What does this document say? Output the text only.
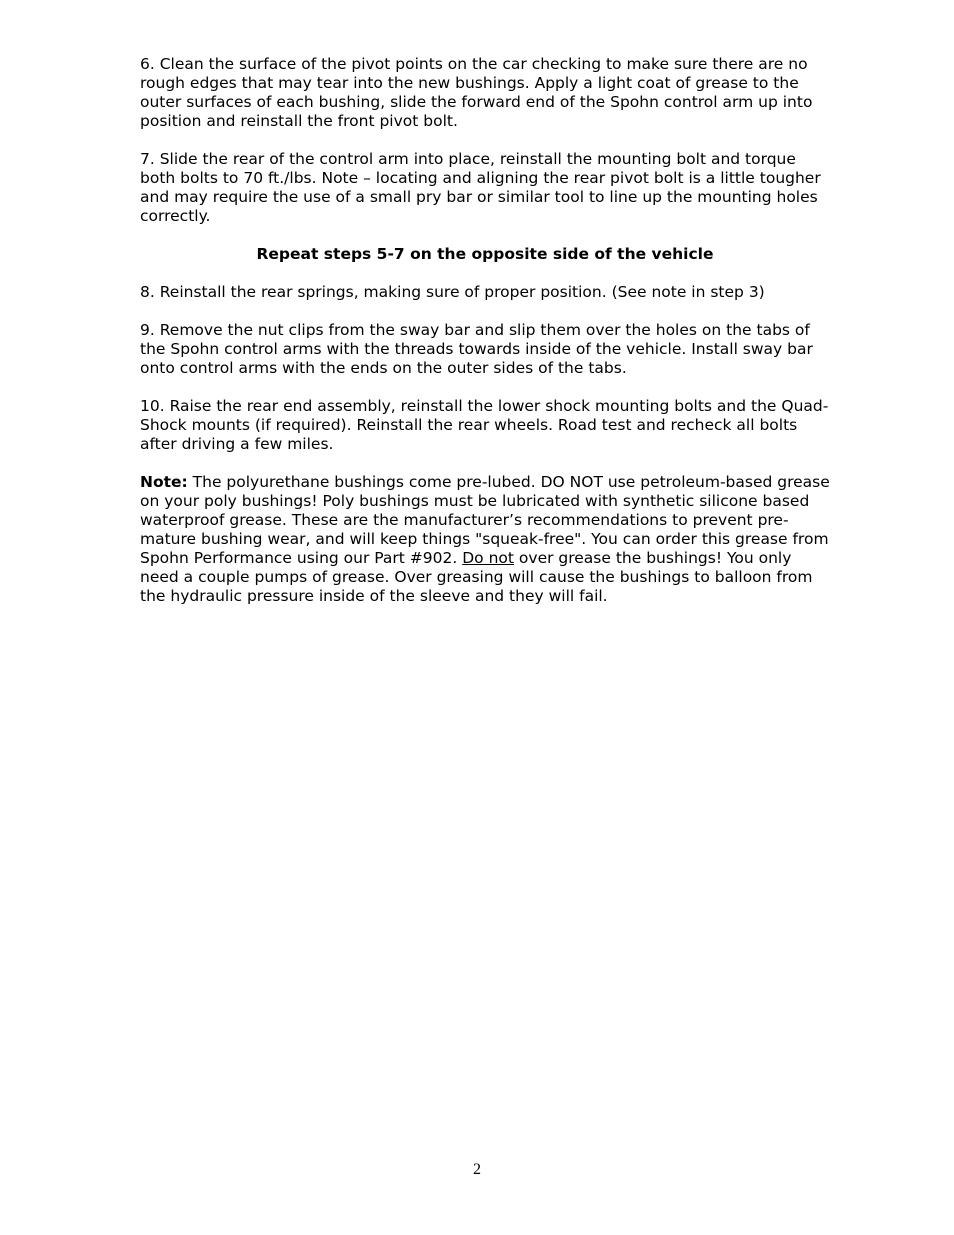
6. Clean the surface of the pivot points on the car checking to make sure there are no rough edges that may tear into the new bushings. Apply a light coat of grease to the outer surfaces of each bushing, slide the forward end of the Spohn control arm up into position and reinstall the front pivot bolt.

7. Slide the rear of the control arm into place, reinstall the mounting bolt and torque both bolts to 70 ft./lbs. Note – locating and aligning the rear pivot bolt is a little tougher and may require the use of a small pry bar or similar tool to line up the mounting holes correctly.

Repeat steps 5-7 on the opposite side of the vehicle

8. Reinstall the rear springs, making sure of proper position. (See note in step 3)

9. Remove the nut clips from the sway bar and slip them over the holes on the tabs of the Spohn control arms with the threads towards inside of the vehicle. Install sway bar onto control arms with the ends on the outer sides of the tabs.

10. Raise the rear end assembly, reinstall the lower shock mounting bolts and the Quad-Shock mounts (if required). Reinstall the rear wheels. Road test and recheck all bolts after driving a few miles.

Note: The polyurethane bushings come pre-lubed. DO NOT use petroleum-based grease on your poly bushings! Poly bushings must be lubricated with synthetic silicone based waterproof grease. These are the manufacturer’s recommendations to prevent pre-mature bushing wear, and will keep things "squeak-free". You can order this grease from Spohn Performance using our Part #902. Do not over grease the bushings! You only need a couple pumps of grease. Over greasing will cause the bushings to balloon from the hydraulic pressure inside of the sleeve and they will fail.

2
